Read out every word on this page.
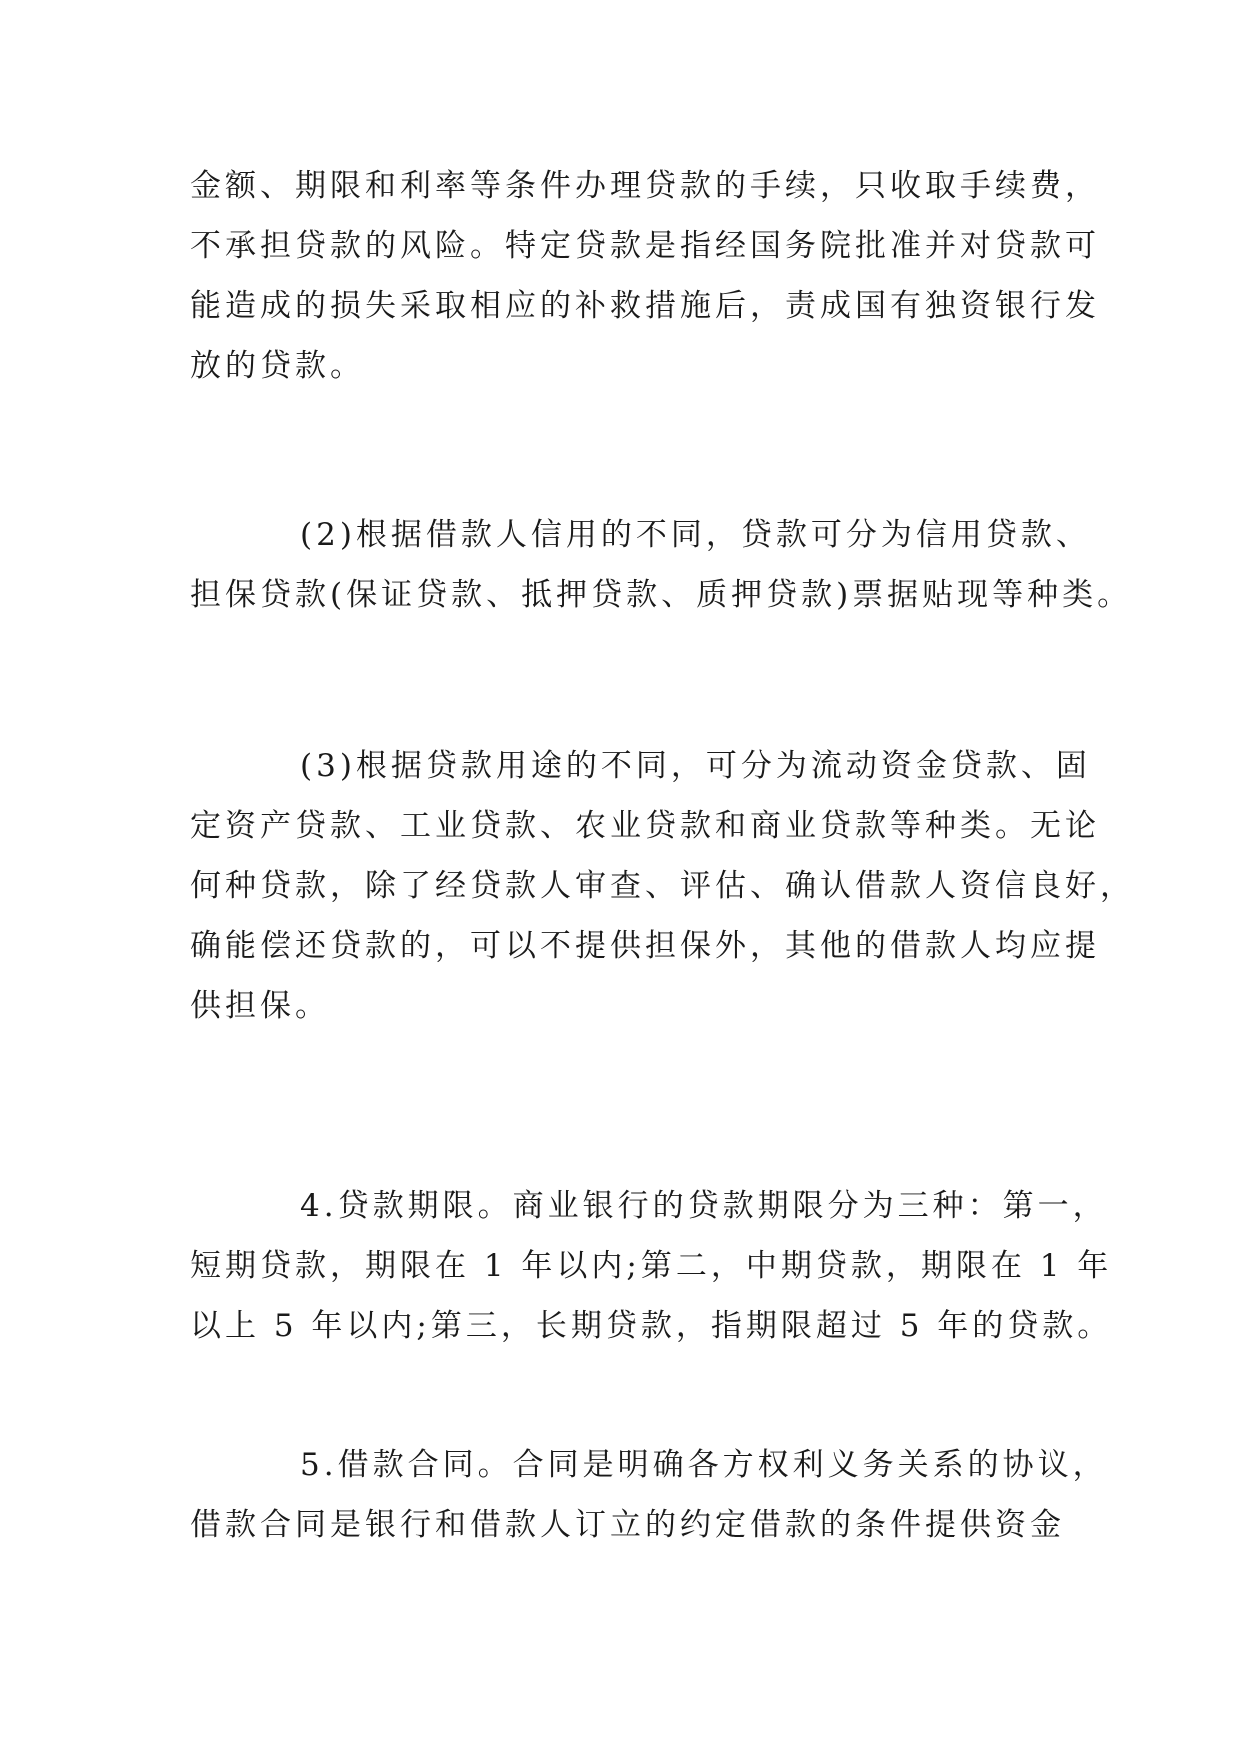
金额、期限和利率等条件办理贷款的手续，只收取手续费，
不承担贷款的风险。特定贷款是指经国务院批准并对贷款可
能造成的损失采取相应的补救措施后，责成国有独资银行发
放的贷款。
(2)根据借款人信用的不同，贷款可分为信用贷款、
担保贷款(保证贷款、抵押贷款、质押贷款)票据贴现等种类。
(3)根据贷款用途的不同，可分为流动资金贷款、固
定资产贷款、工业贷款、农业贷款和商业贷款等种类。无论
何种贷款，除了经贷款人审查、评估、确认借款人资信良好，
确能偿还贷款的，可以不提供担保外，其他的借款人均应提
供担保。
4.贷款期限。商业银行的贷款期限分为三种：第一，
短期贷款，期限在 1 年以内;第二，中期贷款，期限在 1 年
以上 5 年以内;第三，长期贷款，指期限超过 5 年的贷款。
5.借款合同。合同是明确各方权利义务关系的协议，
借款合同是银行和借款人订立的约定借款的条件提供资金
